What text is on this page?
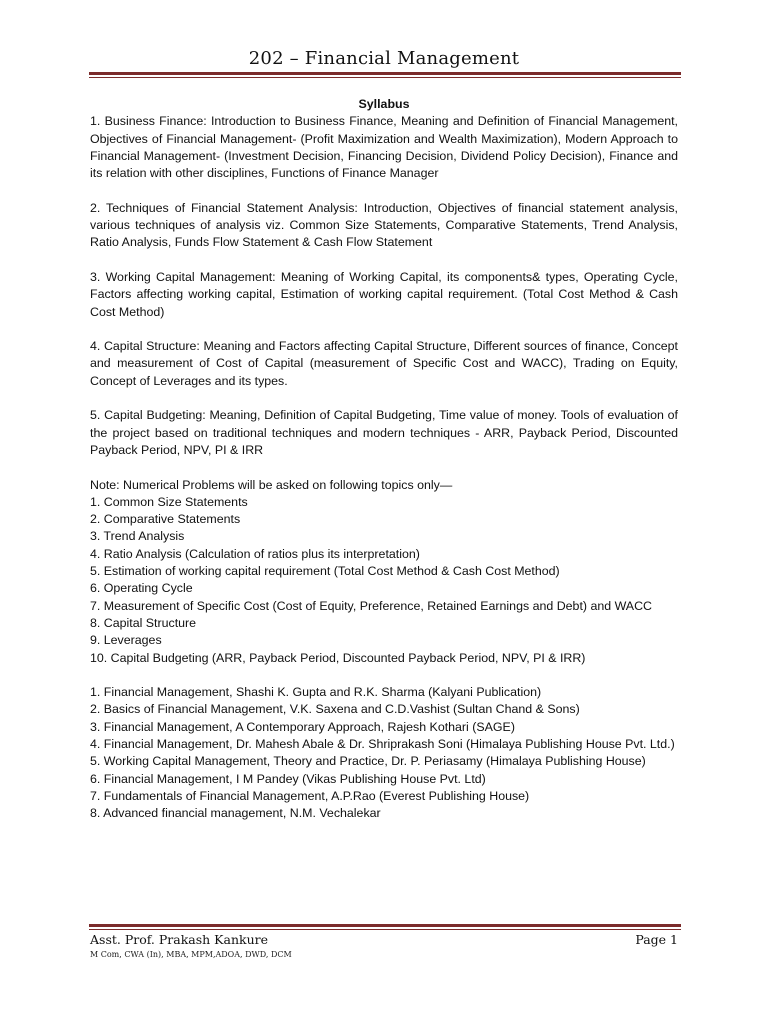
202 – Financial Management
Syllabus

1. Business Finance: Introduction to Business Finance, Meaning and Definition of Financial Management, Objectives of Financial Management- (Profit Maximization and Wealth Maximization), Modern Approach to Financial Management- (Investment Decision, Financing Decision, Dividend Policy Decision), Finance and its relation with other disciplines, Functions of Finance Manager

2. Techniques of Financial Statement Analysis: Introduction, Objectives of financial statement analysis, various techniques of analysis viz. Common Size Statements, Comparative Statements, Trend Analysis, Ratio Analysis, Funds Flow Statement & Cash Flow Statement

3. Working Capital Management: Meaning of Working Capital, its components& types, Operating Cycle, Factors affecting working capital, Estimation of working capital requirement. (Total Cost Method & Cash Cost Method)

4. Capital Structure: Meaning and Factors affecting Capital Structure, Different sources of finance, Concept and measurement of Cost of Capital (measurement of Specific Cost and WACC), Trading on Equity, Concept of Leverages and its types.

5. Capital Budgeting: Meaning, Definition of Capital Budgeting, Time value of money. Tools of evaluation of the project based on traditional techniques and modern techniques - ARR, Payback Period, Discounted Payback Period, NPV, PI & IRR

Note: Numerical Problems will be asked on following topics only—
1. Common Size Statements
2. Comparative Statements
3. Trend Analysis
4. Ratio Analysis (Calculation of ratios plus its interpretation)
5. Estimation of working capital requirement (Total Cost Method & Cash Cost Method)
6. Operating Cycle
7. Measurement of Specific Cost (Cost of Equity, Preference, Retained Earnings and Debt) and WACC
8. Capital Structure
9. Leverages
10. Capital Budgeting (ARR, Payback Period, Discounted Payback Period, NPV, PI & IRR)
1. Financial Management, Shashi K. Gupta and R.K. Sharma (Kalyani Publication)
2. Basics of Financial Management, V.K. Saxena and C.D.Vashist (Sultan Chand & Sons)
3. Financial Management, A Contemporary Approach, Rajesh Kothari (SAGE)
4. Financial Management, Dr. Mahesh Abale & Dr. Shriprakash Soni (Himalaya Publishing House Pvt. Ltd.)
5. Working Capital Management, Theory and Practice, Dr. P. Periasamy (Himalaya Publishing House)
6. Financial Management, I M Pandey (Vikas Publishing House Pvt. Ltd)
7. Fundamentals of Financial Management, A.P.Rao (Everest Publishing House)
8. Advanced financial management, N.M. Vechalekar
Asst. Prof. Prakash Kankure
M Com, CWA (In), MBA, MPM,ADOA, DWD, DCM
Page 1
